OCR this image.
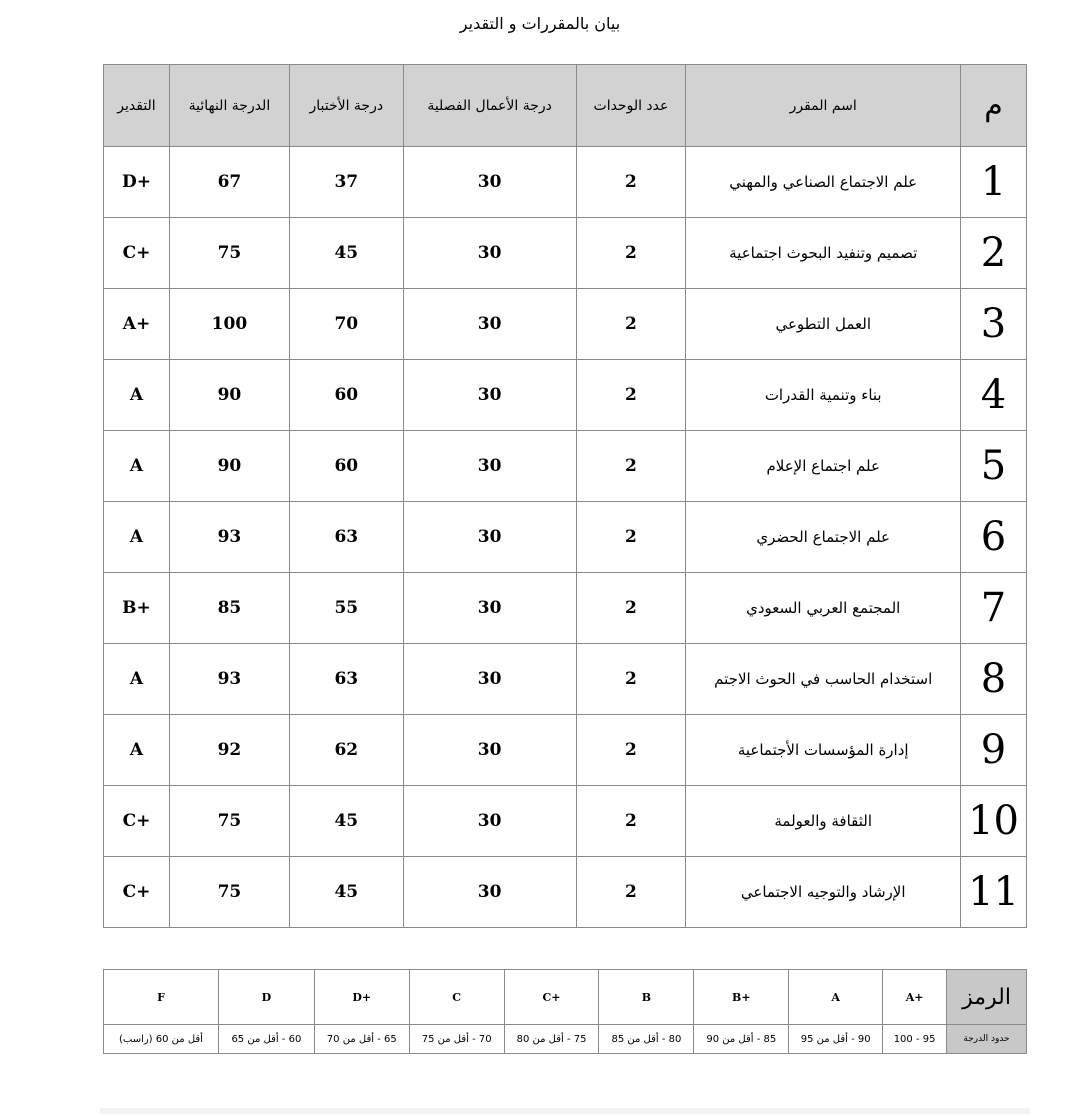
بيان بالمقررات و التقدير
م	اسم المقرر	عدد الوحدات	درجة الأعمال الفصلية	درجة الأختبار	الدرجة النهائية	التقدير
1	علم الاجتماع الصناعي والمهني	2	30	37	67	D+
2	تصميم وتنفيد البحوث اجتماعية	2	30	45	75	C+
3	العمل التطوعي	2	30	70	100	A+
4	بناء وتنمية القدرات	2	30	60	90	A
5	علم اجتماع الإعلام	2	30	60	90	A
6	علم الاجتماع الحضري	2	30	63	93	A
7	المجتمع العربي السعودي	2	30	55	85	B+
8	استخدام الحاسب في الحوث الاجتم	2	30	63	93	A
9	إدارة المؤسسات الأجتماعية	2	30	62	92	A
10	الثقافة والعولمة	2	30	45	75	C+
11	الإرشاد والتوجيه الاجتماعي	2	30	45	75	C+
الرمز	A+	A	B+	B	C+	C	D+	D	F
حدود الدرجة	95 - 100	90 - أقل من 95	85 - أقل من 90	80 - أقل من 85	75 - أقل من 80	70 - أقل من 75	65 - أقل من 70	60 - أقل من 65	أقل من 60 (راسب)
